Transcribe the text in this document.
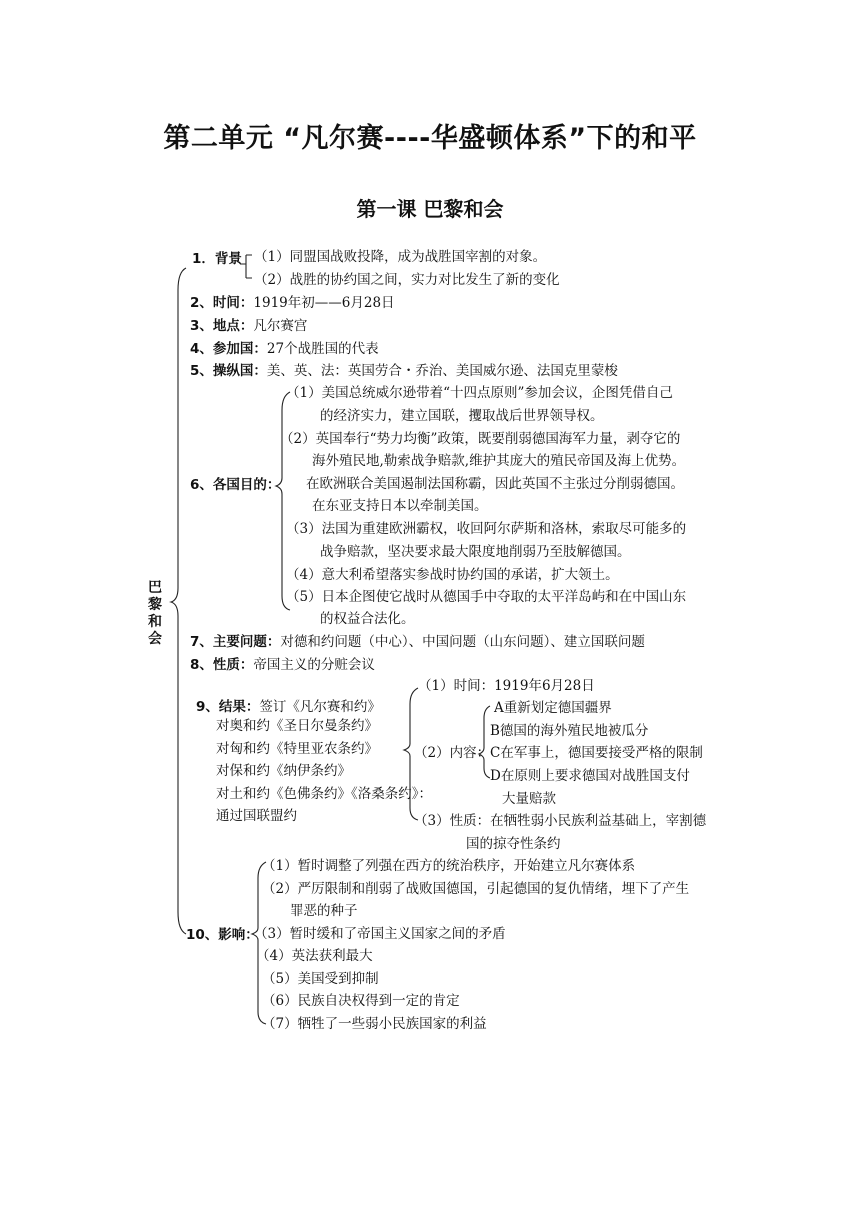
第二单元 “凡尔赛----华盛顿体系”下的和平
第一课 巴黎和会
巴黎和会
1．背景 （1）同盟国战败投降，成为战胜国宰割的对象。
（2）战胜的协约国之间，实力对比发生了新的变化
2、时间：1919年初——6月28日
3、地点：凡尔赛宫
4、参加国：27个战胜国的代表
5、操纵国：美、英、法：英国劳合・乔治、美国威尔逊、法国克里蒙梭
6、各国目的：
（1）美国总统威尔逊带着“十四点原则”参加会议，企图凭借自己
的经济实力，建立国联，攫取战后世界领导权。
（2）英国奉行“势力均衡”政策，既要削弱德国海军力量，剥夺它的
海外殖民地,勒索战争赔款,维护其庞大的殖民帝国及海上优势。
在欧洲联合美国遏制法国称霸，因此英国不主张过分削弱德国。
在东亚支持日本以牵制美国。
（3）法国为重建欧洲霸权，收回阿尔萨斯和洛林，索取尽可能多的
战争赔款，坚决要求最大限度地削弱乃至肢解德国。
（4）意大利希望落实参战时协约国的承诺，扩大领土。
（5）日本企图使它战时从德国手中夺取的太平洋岛屿和在中国山东
的权益合法化。
7、主要问题：对德和约问题（中心）、中国问题（山东问题）、建立国联问题
8、性质：帝国主义的分赃会议
9、结果：签订《凡尔赛和约》
对奥和约《圣日尔曼条约》
对匈和约《特里亚农条约》
对保和约《纳伊条约》
对土和约《色佛条约》《洛桑条约》：
通过国联盟约
（1）时间：1919年6月28日
（2）内容：
A重新划定德国疆界
B德国的海外殖民地被瓜分
C在军事上，德国要接受严格的限制
D在原则上要求德国对战胜国支付
大量赔款
（3）性质：在牺牲弱小民族利益基础上，宰割德
国的掠夺性条约
10、影响：
（1）暂时调整了列强在西方的统治秩序，开始建立凡尔赛体系
（2）严厉限制和削弱了战败国德国，引起德国的复仇情绪，埋下了产生
罪恶的种子
（3）暂时缓和了帝国主义国家之间的矛盾
（4）英法获利最大
（5）美国受到抑制
（6）民族自决权得到一定的肯定
（7）牺牲了一些弱小民族国家的利益
